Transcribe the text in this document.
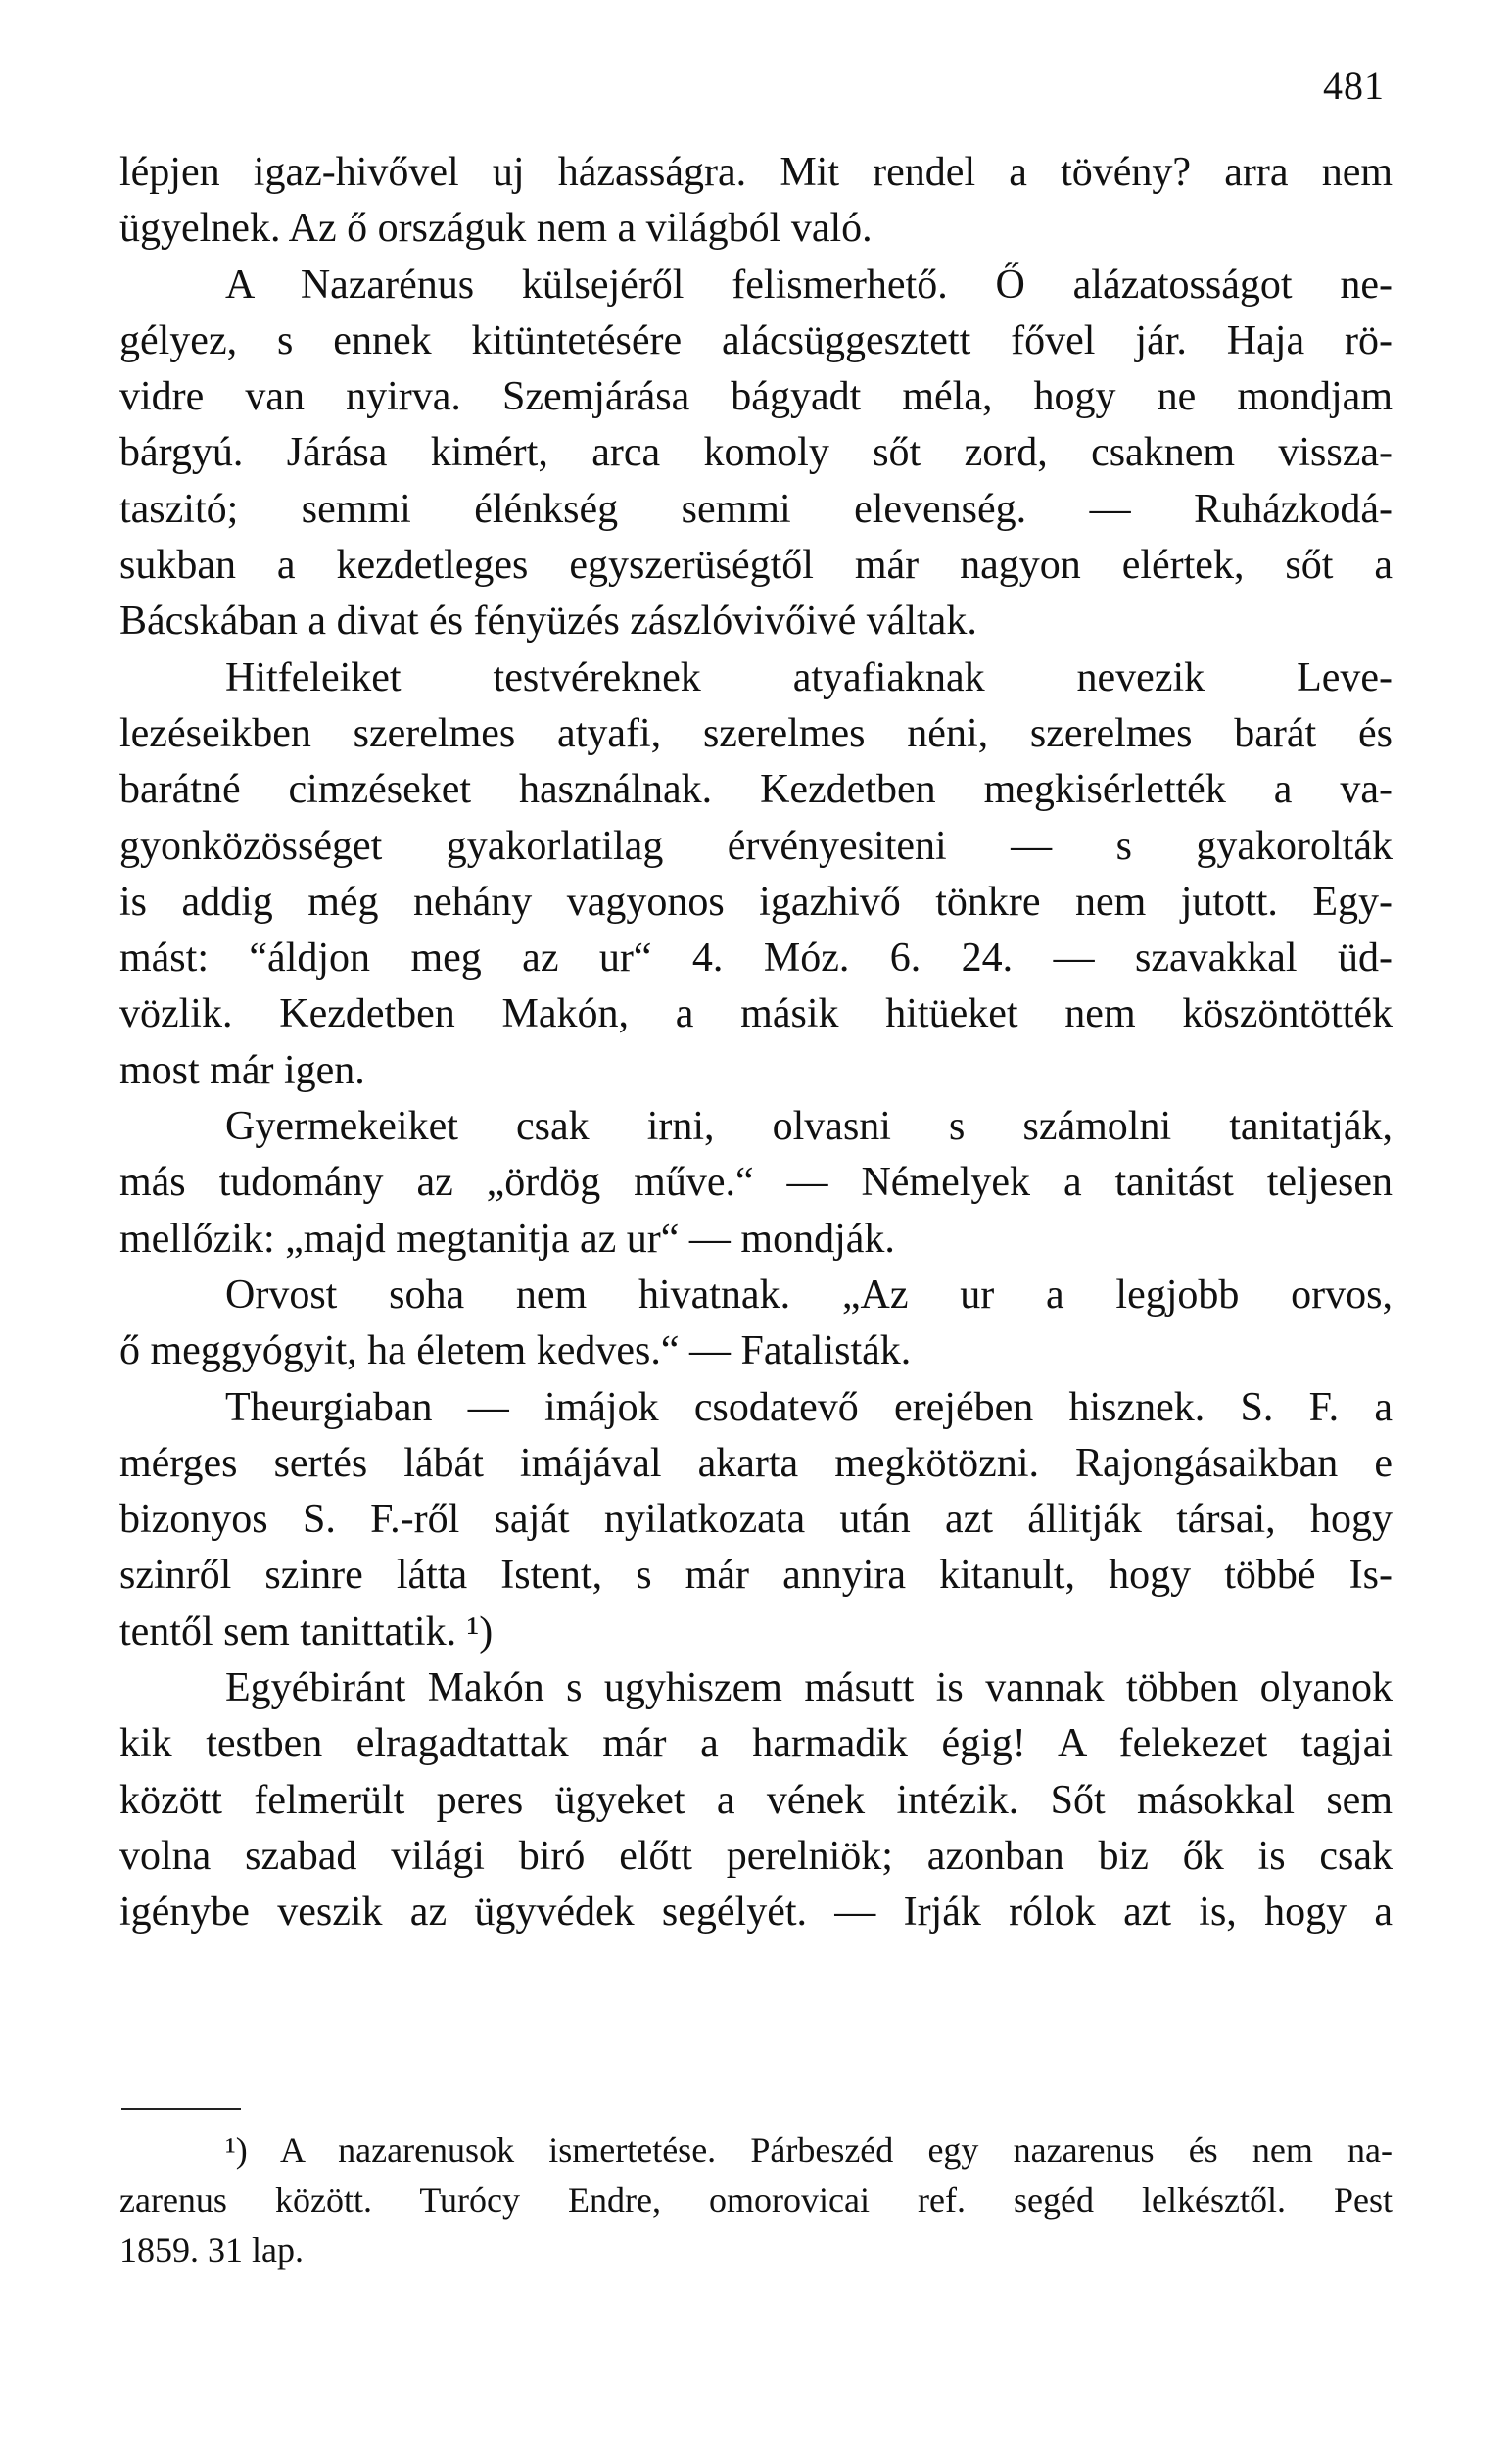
481
lépjen igaz-hivővel uj házasságra. Mit rendel a tövény? arra nem
ügyelnek. Az ő országuk nem a világból való.
A Nazarénus külsejéről felismerhető. Ő alázatosságot ne-
gélyez, s ennek kitüntetésére alácsüggesztett fővel jár. Haja rö-
vidre van nyirva. Szemjárása bágyadt méla, hogy ne mondjam
bárgyú. Járása kimért, arca komoly sőt zord, csaknem vissza-
taszitó; semmi élénkség semmi elevenség. — Ruházkodá-
sukban a kezdetleges egyszerüségtől már nagyon elértek, sőt a
Bácskában a divat és fényüzés zászlóvivőivé váltak.
Hitfeleiket testvéreknek atyafiaknak nevezik Leve-
lezéseikben szerelmes atyafi, szerelmes néni, szerelmes barát és
barátné cimzéseket használnak. Kezdetben megkisérlették a va-
gyonközösséget gyakorlatilag érvényesiteni — s gyakorolták
is addig még nehány vagyonos igazhivő tönkre nem jutott. Egy-
mást: “áldjon meg az ur“ 4. Móz. 6. 24. — szavakkal üd-
vözlik. Kezdetben Makón, a másik hitüeket nem köszöntötték
most már igen.
Gyermekeiket csak irni, olvasni s számolni tanitatják,
más tudomány az „ördög műve.“ — Némelyek a tanitást teljesen
mellőzik: „majd megtanitja az ur“ — mondják.
Orvost soha nem hivatnak. „Az ur a legjobb orvos,
ő meggyógyit, ha életem kedves.“ — Fatalisták.
Theurgiaban — imájok csodatevő erejében hisznek. S. F. a
mérges sertés lábát imájával akarta megkötözni. Rajongásaikban e
bizonyos S. F.-ről saját nyilatkozata után azt állitják társai, hogy
szinről szinre látta Istent, s már annyira kitanult, hogy többé Is-
tentől sem tanittatik. ¹)
Egyébiránt Makón s ugyhiszem másutt is vannak többen olyanok
kik testben elragadtattak már a harmadik égig! A felekezet tagjai
között felmerült peres ügyeket a vének intézik. Sőt másokkal sem
volna szabad világi biró előtt perelniök; azonban biz ők is csak
igénybe veszik az ügyvédek segélyét. — Irják rólok azt is, hogy a
¹) A nazarenusok ismertetése. Párbeszéd egy nazarenus és nem na-
zarenus között. Turócy Endre, omorovicai ref. segéd lelkésztől. Pest
1859. 31 lap.
